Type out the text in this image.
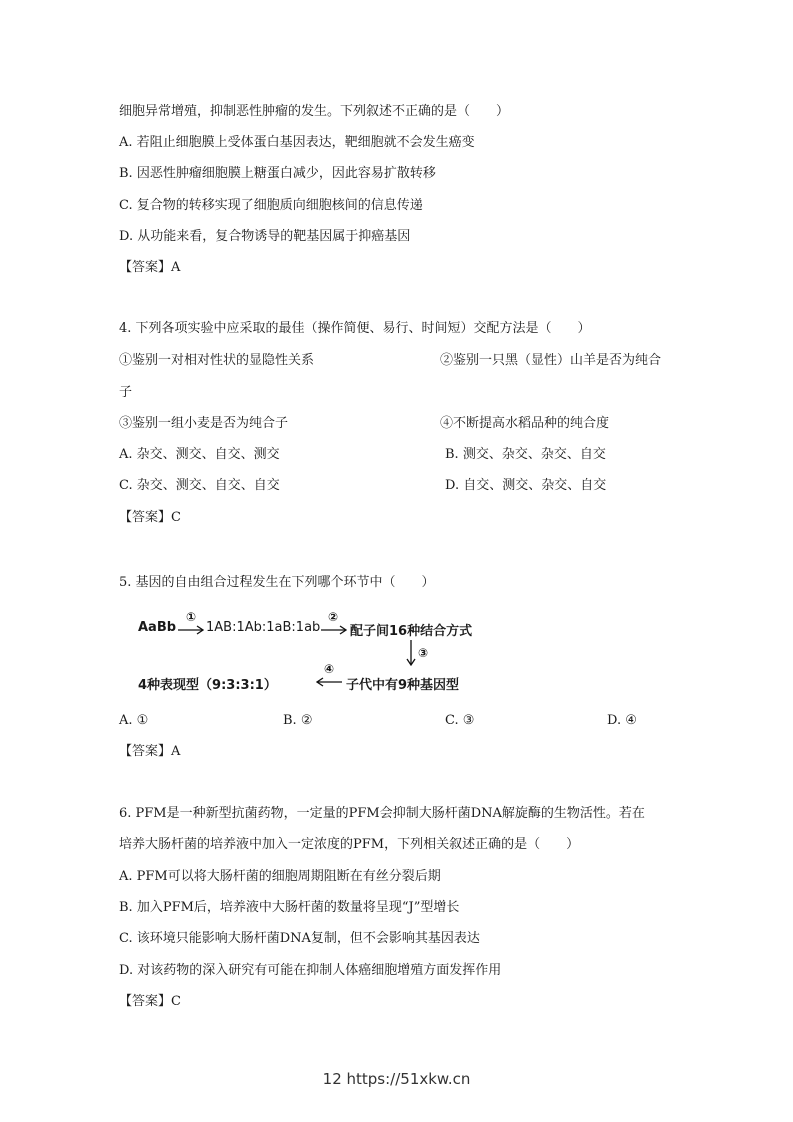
细胞异常增殖，抑制恶性肿瘤的发生。下列叙述不正确的是（　　）
A. 若阻止细胞膜上受体蛋白基因表达，靶细胞就不会发生癌变
B. 因恶性肿瘤细胞膜上糖蛋白减少，因此容易扩散转移
C. 复合物的转移实现了细胞质向细胞核间的信息传递
D. 从功能来看，复合物诱导的靶基因属于抑癌基因
【答案】A
4. 下列各项实验中应采取的最佳（操作简便、易行、时间短）交配方法是（　　）
①鉴别一对相对性状的显隐性关系	②鉴别一只黑（显性）山羊是否为纯合
子
③鉴别一组小麦是否为纯合子	④不断提高水稻品种的纯合度
A. 杂交、测交、自交、测交	B. 测交、杂交、杂交、自交
C. 杂交、测交、自交、自交	D. 自交、测交、杂交、自交
【答案】C
5. 基因的自由组合过程发生在下列哪个环节中（　　）
AaBb
①
1AB:1Ab:1aB:1ab
②
配子间16种结合方式
③
4种表现型（9:3:3:1）
④
子代中有9种基因型
A. ①	B. ②	C. ③	D. ④
【答案】A
6. PFM是一种新型抗菌药物，一定量的PFM会抑制大肠杆菌DNA解旋酶的生物活性。若在
培养大肠杆菌的培养液中加入一定浓度的PFM，下列相关叙述正确的是（　　）
A. PFM可以将大肠杆菌的细胞周期阻断在有丝分裂后期
B. 加入PFM后，培养液中大肠杆菌的数量将呈现“J”型增长
C. 该环境只能影响大肠杆菌DNA复制，但不会影响其基因表达
D. 对该药物的深入研究有可能在抑制人体癌细胞增殖方面发挥作用
【答案】C
12 https://51xkw.cn
